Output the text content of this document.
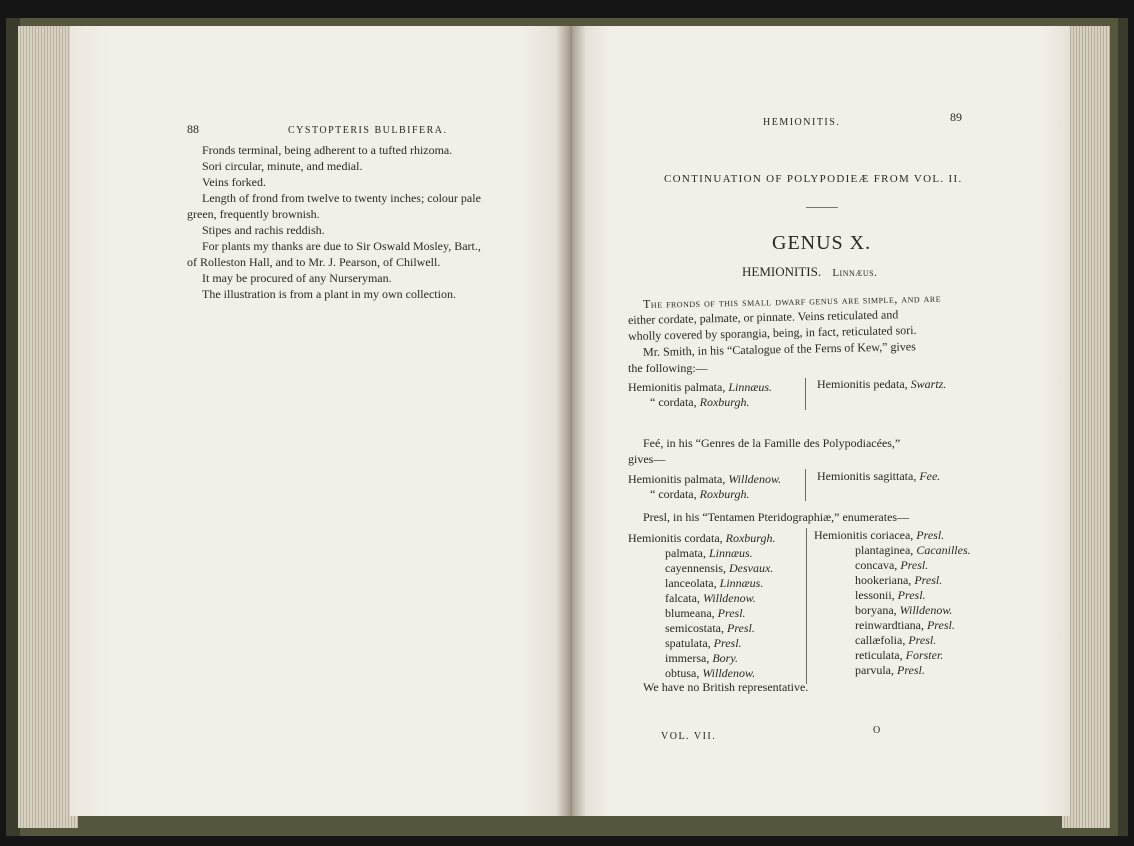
88	CYSTOPTERIS BULBIFERA.
Fronds terminal, being adherent to a tufted rhizoma.
Sori circular, minute, and medial.
Veins forked.
Length of frond from twelve to twenty inches; colour pale
green, frequently brownish.
Stipes and rachis reddish.
For plants my thanks are due to Sir Oswald Mosley, Bart.,
of Rolleston Hall, and to Mr. J. Pearson, of Chilwell.
It may be procured of any Nurseryman.
The illustration is from a plant in my own collection.
HEMIONITIS.	89
CONTINUATION OF POLYPODIEÆ FROM VOL. II.
GENUS X.
HEMIONITIS. Linnæus.
The fronds of this small dwarf genus are simple, and are
either cordate, palmate, or pinnate. Veins reticulated and
wholly covered by sporangia, being, in fact, reticulated sori.
Mr. Smith, in his “Catalogue of the Ferns of Kew,” gives
the following:—
Hemionitis palmata, Linnæus.
“ cordata, Roxburgh.
Hemionitis pedata, Swartz.
Feé, in his “Genres de la Famille des Polypodiacées,”
gives—
Hemionitis palmata, Willdenow.
“ cordata, Roxburgh.
Hemionitis sagittata, Fee.
Presl, in his “Tentamen Pteridographiæ,” enumerates—
Hemionitis cordata, Roxburgh.
palmata, Linnæus.
cayennensis, Desvaux.
lanceolata, Linnæus.
falcata, Willdenow.
blumeana, Presl.
semicostata, Presl.
spatulata, Presl.
immersa, Bory.
obtusa, Willdenow.
Hemionitis coriacea, Presl.
plantaginea, Cacanilles.
concava, Presl.
hookeriana, Presl.
lessonii, Presl.
boryana, Willdenow.
reinwardtiana, Presl.
callæfolia, Presl.
reticulata, Forster.
parvula, Presl.
We have no British representative.
VOL. VII.
O
